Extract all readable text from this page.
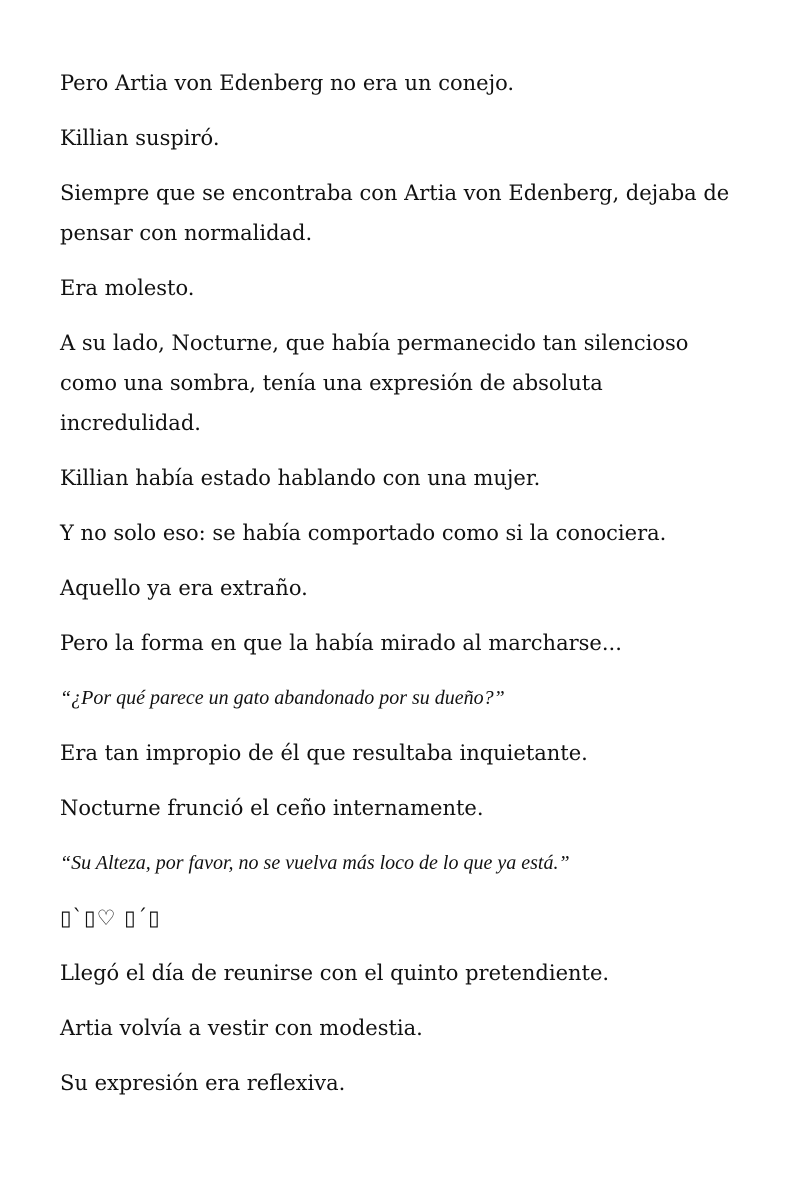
Pero Artia von Edenberg no era un conejo.

Killian suspiró.

Siempre que se encontraba con Artia von Edenberg, dejaba de pensar con normalidad.

Era molesto.

A su lado, Nocturne, que había permanecido tan silencioso como una sombra, tenía una expresión de absoluta incredulidad.

Killian había estado hablando con una mujer.

Y no solo eso: se había comportado como si la conociera.

Aquello ya era extraño.

Pero la forma en que la había mirado al marcharse...

“¿Por qué parece un gato abandonado por su dueño?”

Era tan impropio de él que resultaba inquietante.

Nocturne frunció el ceño internamente.

“Su Alteza, por favor, no se vuelva más loco de lo que ya está.”

▯`▯♡ ▯´▯

Llegó el día de reunirse con el quinto pretendiente.

Artia volvía a vestir con modestia.

Su expresión era reflexiva.
